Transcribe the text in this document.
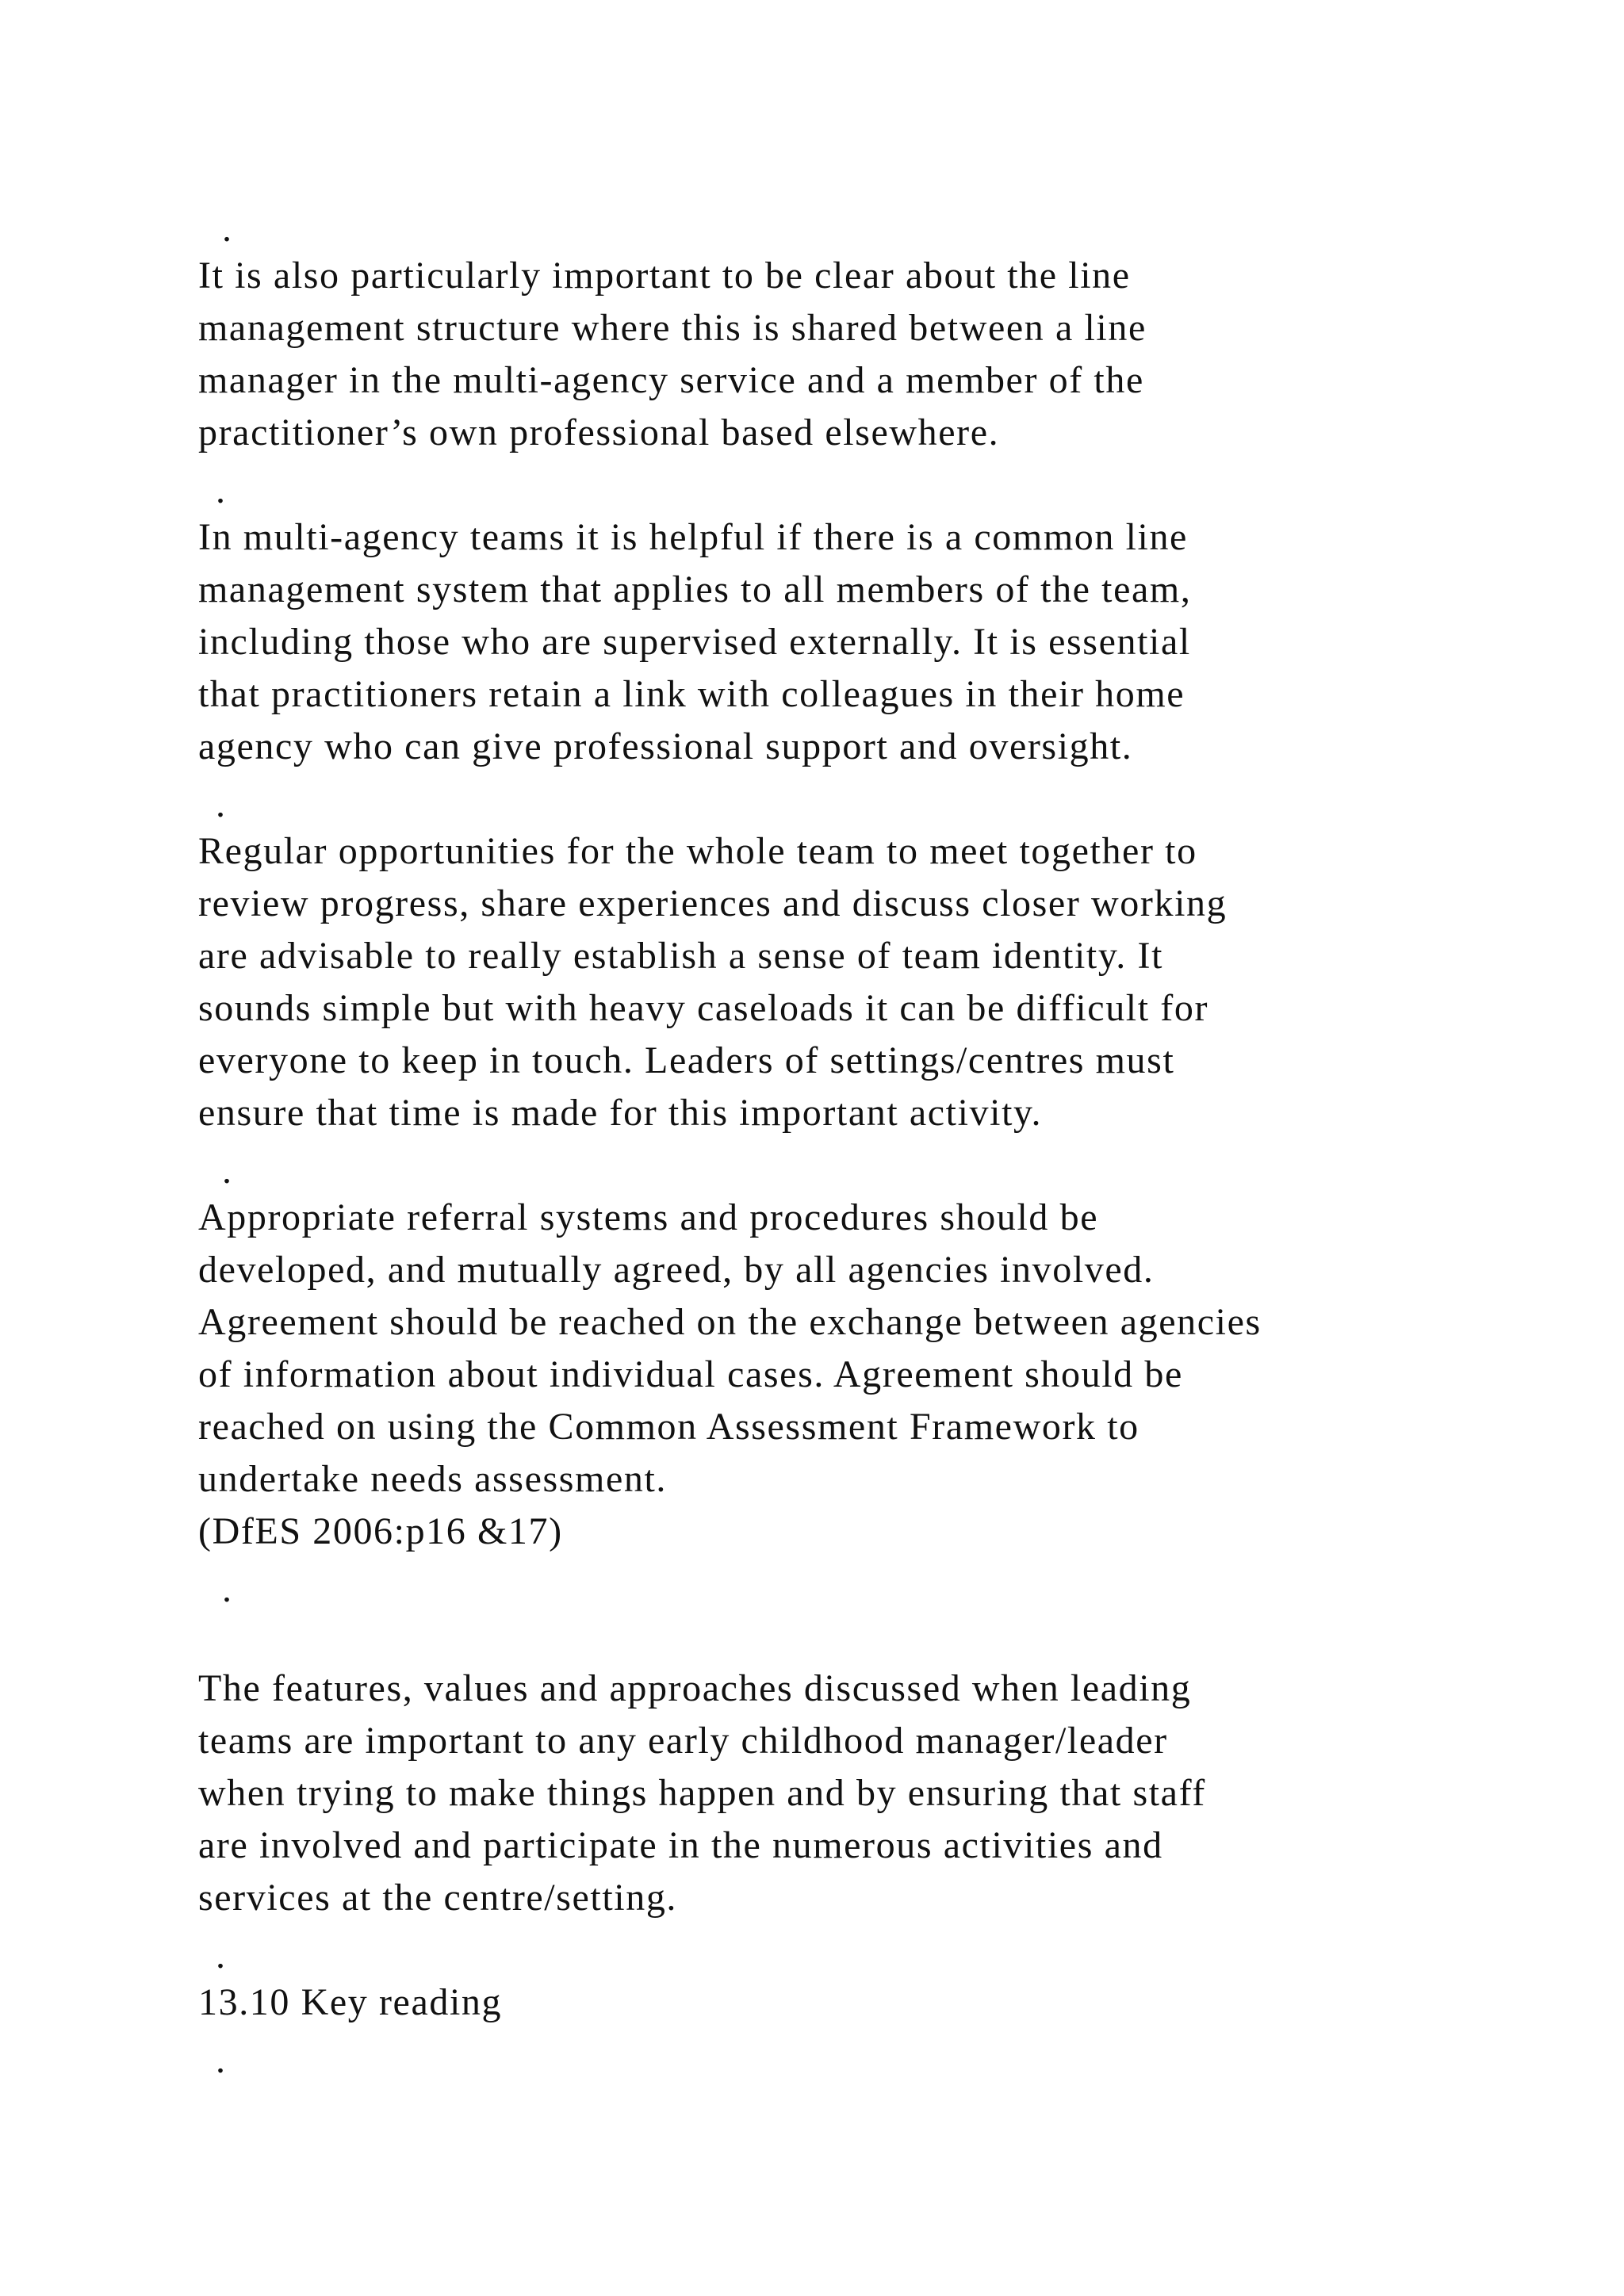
.

It is also particularly important to be clear about the line

management structure where this is shared between a line

manager in the multi-agency service and a member of the

practitioner’s own professional based elsewhere.

.

In multi-agency teams it is helpful if there is a common line

management system that applies to all members of the team,

including those who are supervised externally. It is essential

that practitioners retain a link with colleagues in their home

agency who can give professional support and oversight.

.

Regular opportunities for the whole team to meet together to

review progress, share experiences and discuss closer working

are advisable to really establish a sense of team identity. It

sounds simple but with heavy caseloads it can be difficult for

everyone to keep in touch. Leaders of settings/centres must

ensure that time is made for this important activity.

.

Appropriate referral systems and procedures should be

developed, and mutually agreed, by all agencies involved.

Agreement should be reached on the exchange between agencies

of information about individual cases. Agreement should be

reached on using the Common Assessment Framework to

undertake needs assessment.

(DfES 2006:p16 &17)

.

The features, values and approaches discussed when leading

teams are important to any early childhood manager/leader

when trying to make things happen and by ensuring that staff

are involved and participate in the numerous activities and

services at the centre/setting.

.

13.10 Key reading

.
